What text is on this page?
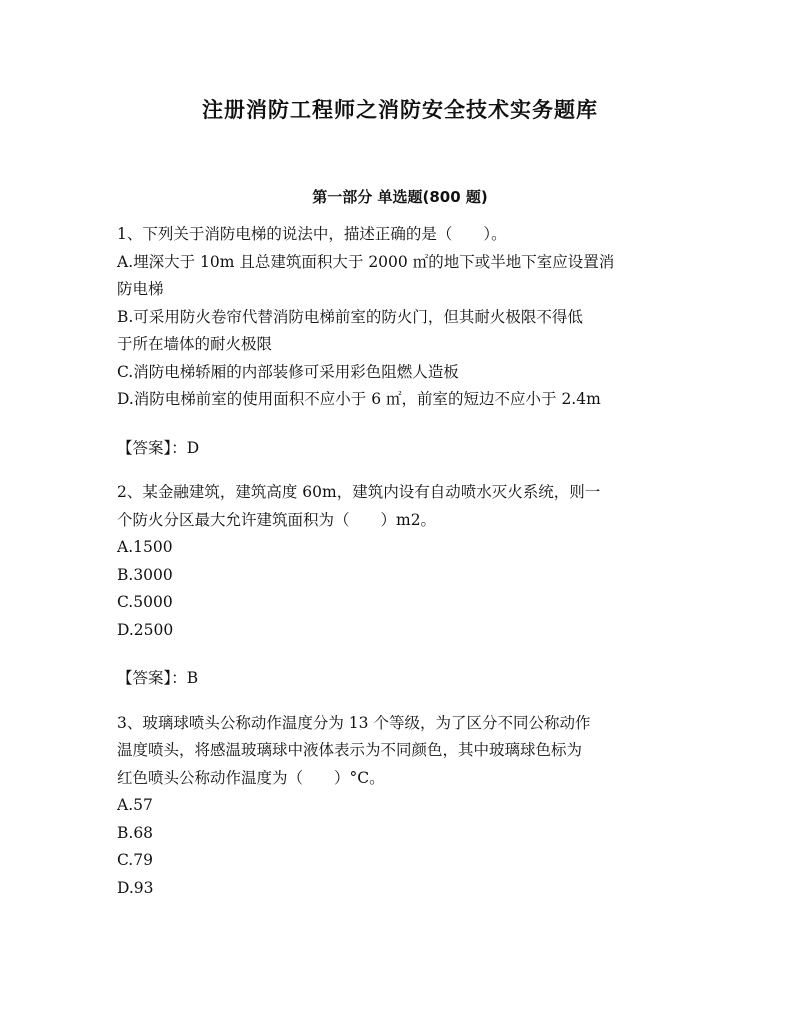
注册消防工程师之消防安全技术实务题库
第一部分 单选题(800 题)
1、下列关于消防电梯的说法中，描述正确的是（　　）。
A.埋深大于 10m 且总建筑面积大于 2000 ㎡的地下或半地下室应设置消
防电梯
B.可采用防火卷帘代替消防电梯前室的防火门，但其耐火极限不得低
于所在墙体的耐火极限
C.消防电梯轿厢的内部装修可采用彩色阻燃人造板
D.消防电梯前室的使用面积不应小于 6 ㎡，前室的短边不应小于 2.4m
【答案】：D
2、某金融建筑，建筑高度 60m，建筑内设有自动喷水灭火系统，则一
个防火分区最大允许建筑面积为（　　）m2。
A.1500
B.3000
C.5000
D.2500
【答案】：B
3、玻璃球喷头公称动作温度分为 13 个等级，为了区分不同公称动作
温度喷头，将感温玻璃球中液体表示为不同颜色，其中玻璃球色标为
红色喷头公称动作温度为（　　）°C。
A.57
B.68
C.79
D.93
